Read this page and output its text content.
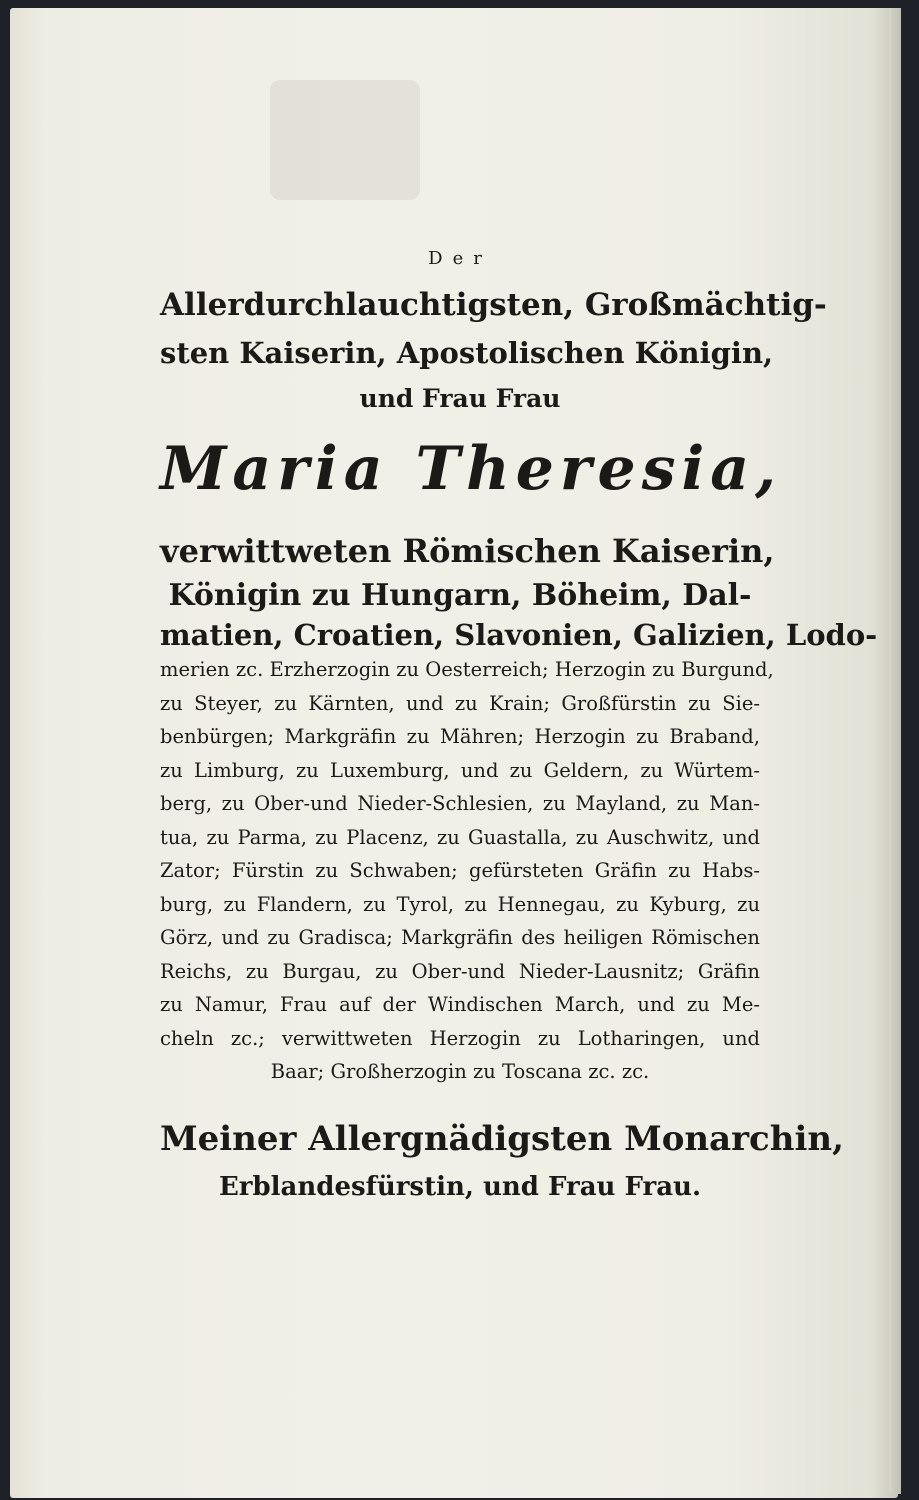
Der
Allerdurchlauchtigsten, Großmächtig-
sten Kaiserin, Apostolischen Königin,
und Frau Frau
Maria Theresia,
verwittweten Römischen Kaiserin,
Königin zu Hungarn, Böheim, Dal-
matien, Croatien, Slavonien, Galizien, Lodo-
merien zc. Erzherzogin zu Oesterreich; Herzogin zu Burgund,
zu Steyer, zu Kärnten, und zu Krain; Großfürstin zu Sie-
benbürgen; Markgräfin zu Mähren; Herzogin zu Braband,
zu Limburg, zu Luxemburg, und zu Geldern, zu Würtem-
berg, zu Ober-und Nieder-Schlesien, zu Mayland, zu Man-
tua, zu Parma, zu Placenz, zu Guastalla, zu Auschwitz, und
Zator; Fürstin zu Schwaben; gefürsteten Gräfin zu Habs-
burg, zu Flandern, zu Tyrol, zu Hennegau, zu Kyburg, zu
Görz, und zu Gradisca; Markgräfin des heiligen Römischen
Reichs, zu Burgau, zu Ober-und Nieder-Lausnitz; Gräfin
zu Namur, Frau auf der Windischen March, und zu Me-
cheln zc.; verwittweten Herzogin zu Lotharingen, und
Baar; Großherzogin zu Toscana zc. zc.
Meiner Allergnädigsten Monarchin,
Erblandesfürstin, und Frau Frau.
